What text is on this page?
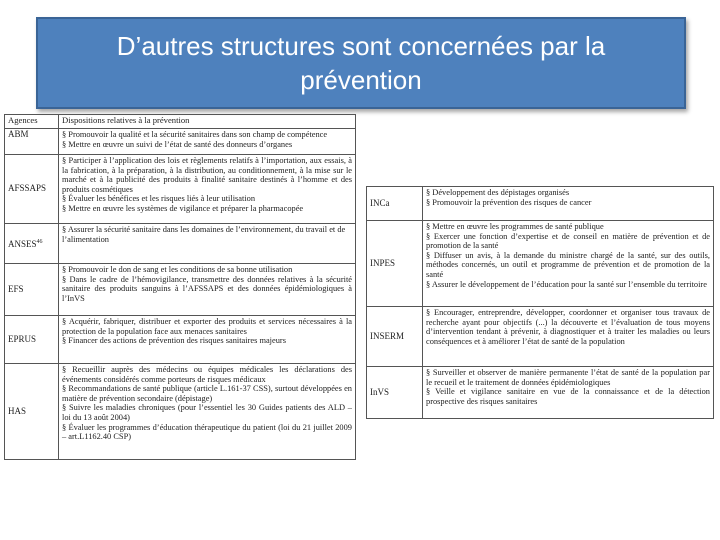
D’autres structures sont concernées par la
prévention
Agences	Dispositions relatives à la prévention
ABM	§ Promouvoir la qualité et la sécurité sanitaires dans son champ de compétence
§ Mettre en œuvre un suivi de l’état de santé des donneurs d’organes

AFSSAPS	§ Participer à l’application des lois et règlements relatifs à l’importation, aux essais, à la fabrication, à la préparation, à la distribution, au conditionnement, à la mise sur le marché et à la publicité des produits à finalité sanitaire destinés à l’homme et des produits cosmétiques
§ Évaluer les bénéfices et les risques liés à leur utilisation
§ Mettre en œuvre les systèmes de vigilance et préparer la pharmacopée

ANSES$^{46}$	§ Assurer la sécurité sanitaire dans les domaines de l’environnement, du travail et de l’alimentation

EFS	§ Promouvoir le don de sang et les conditions de sa bonne utilisation
§ Dans le cadre de l’hémovigilance, transmettre des données relatives à la sécurité sanitaire des produits sanguins à l’AFSSAPS et des données épidémiologiques à l’InVS

EPRUS	§ Acquérir, fabriquer, distribuer et exporter des produits et services nécessaires à la protection de la population face aux menaces sanitaires
§ Financer des actions de prévention des risques sanitaires majeurs

HAS	§ Recueillir auprès des médecins ou équipes médicales les déclarations des événements considérés comme porteurs de risques médicaux
§ Recommandations de santé publique (article L.161-37 CSS), surtout développées en matière de prévention secondaire (dépistage)
§ Suivre les maladies chroniques (pour l’essentiel les 30 Guides patients des ALD – loi du 13 août 2004)
§ Évaluer les programmes d’éducation thérapeutique du patient (loi du 21 juillet 2009 – art.L1162.40 CSP)
INCa	§ Développement des dépistages organisés
§ Promouvoir la prévention des risques de cancer

INPES	§ Mettre en œuvre les programmes de santé publique
§ Exercer une fonction d’expertise et de conseil en matière de prévention et de promotion de la santé
§ Diffuser un avis, à la demande du ministre chargé de la santé, sur des outils, méthodes concernés, un outil et programme de prévention et de promotion de la santé
§ Assurer le développement de l’éducation pour la santé sur l’ensemble du territoire

INSERM	§ Encourager, entreprendre, développer, coordonner et organiser tous travaux de recherche ayant pour objectifs (...) la découverte et l’évaluation de tous moyens d’intervention tendant à prévenir, à diagnostiquer et à traiter les maladies ou leurs conséquences et à améliorer l’état de santé de la population

InVS	§ Surveiller et observer de manière permanente l’état de santé de la population par le recueil et le traitement de données épidémiologiques
§ Veille et vigilance sanitaire en vue de la connaissance et de la détection prospective des risques sanitaires
